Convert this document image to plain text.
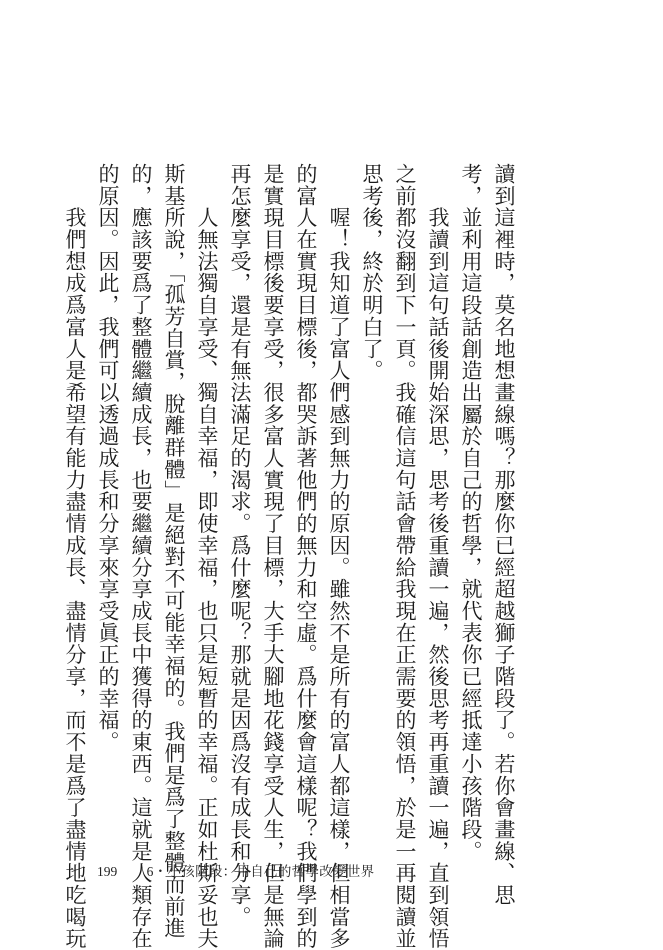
讀到這裡時，莫名地想畫線嗎？那麼你已經超越獅子階段了。若你會畫線、思

考，並利用這段話創造出屬於自己的哲學，就代表你已經抵達小孩階段。

　　我讀到這句話後開始深思，思考後重讀一遍，然後思考再重讀一遍，直到領悟

之前都沒翻到下一頁。我確信這句話會帶給我現在正需要的領悟，於是一再閱讀並

思考後，終於明白了。

　　喔！我知道了富人們感到無力的原因。雖然不是所有的富人都這樣，但相當多

的富人在實現目標後，都哭訴著他們的無力和空虛。爲什麼會這樣呢？我們學到的

是實現目標後要享受，很多富人實現了目標，大手大腳地花錢享受人生，但是無論

再怎麼享受，還是有無法滿足的渴求。爲什麼呢？那就是因爲沒有成長和分享。

　　人無法獨自享受、獨自幸福，即使幸福，也只是短暫的幸福。正如杜斯妥也夫

斯基所說，「孤芳自賞，脫離群體」是絕對不可能幸福的。我們是爲了整體而前進

的，應該要爲了整體繼續成長，也要繼續分享成長中獲得的東西。這就是人類存在

的原因。因此，我們可以透過成長和分享來享受眞正的幸福。

　　我們想成爲富人是希望有能力盡情成長、盡情分享，而不是爲了盡情地吃喝玩 199 6・小孩階段：用自己的哲學改變世界
